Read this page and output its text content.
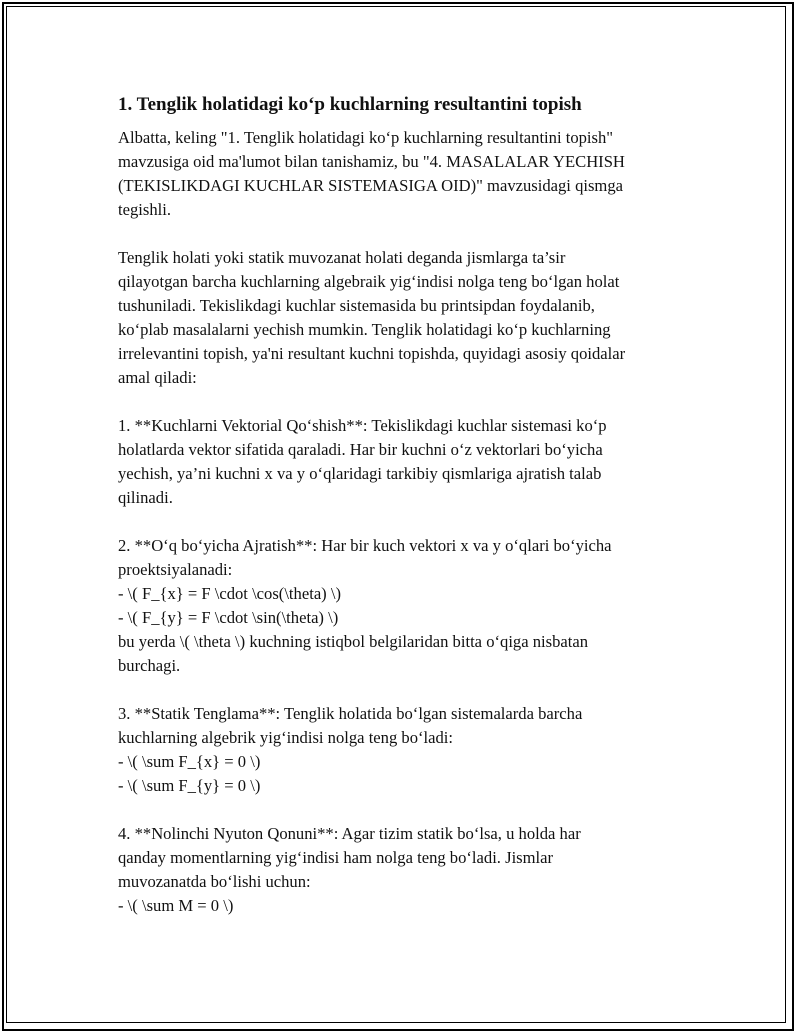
1. Tenglik holatidagi ko‘p kuchlarning resultantini topish

Albatta, keling "1. Tenglik holatidagi ko‘p kuchlarning resultantini topish"
mavzusiga oid ma'lumot bilan tanishamiz, bu "4. MASALALAR YECHISH
(TEKISLIKDAGI KUCHLAR SISTEMASIGA OID)" mavzusidagi qismga
tegishli.

Tenglik holati yoki statik muvozanat holati deganda jismlarga ta’sir
qilayotgan barcha kuchlarning algebraik yig‘indisi nolga teng bo‘lgan holat
tushuniladi. Tekislikdagi kuchlar sistemasida bu printsipdan foydalanib,
ko‘plab masalalarni yechish mumkin. Tenglik holatidagi ko‘p kuchlarning
irrelevantini topish, ya'ni resultant kuchni topishda, quyidagi asosiy qoidalar
amal qiladi:

1. **Kuchlarni Vektorial Qo‘shish**: Tekislikdagi kuchlar sistemasi ko‘p
holatlarda vektor sifatida qaraladi. Har bir kuchni o‘z vektorlari bo‘yicha
yechish, ya’ni kuchni x va y o‘qlaridagi tarkibiy qismlariga ajratish talab
qilinadi.

2. **O‘q bo‘yicha Ajratish**: Har bir kuch vektori x va y o‘qlari bo‘yicha
proektsiyalanadi:
- \( F_{x} = F \cdot \cos(\theta) \)
- \( F_{y} = F \cdot \sin(\theta) \)
bu yerda \( \theta \) kuchning istiqbol belgilaridan bitta o‘qiga nisbatan
burchagi.

3. **Statik Tenglama**: Tenglik holatida bo‘lgan sistemalarda barcha
kuchlarning algebrik yig‘indisi nolga teng bo‘ladi:
- \( \sum F_{x} = 0 \)
- \( \sum F_{y} = 0 \)

4. **Nolinchi Nyuton Qonuni**: Agar tizim statik bo‘lsa, u holda har
qanday momentlarning yig‘indisi ham nolga teng bo‘ladi. Jismlar
muvozanatda bo‘lishi uchun:
- \( \sum M = 0 \)
